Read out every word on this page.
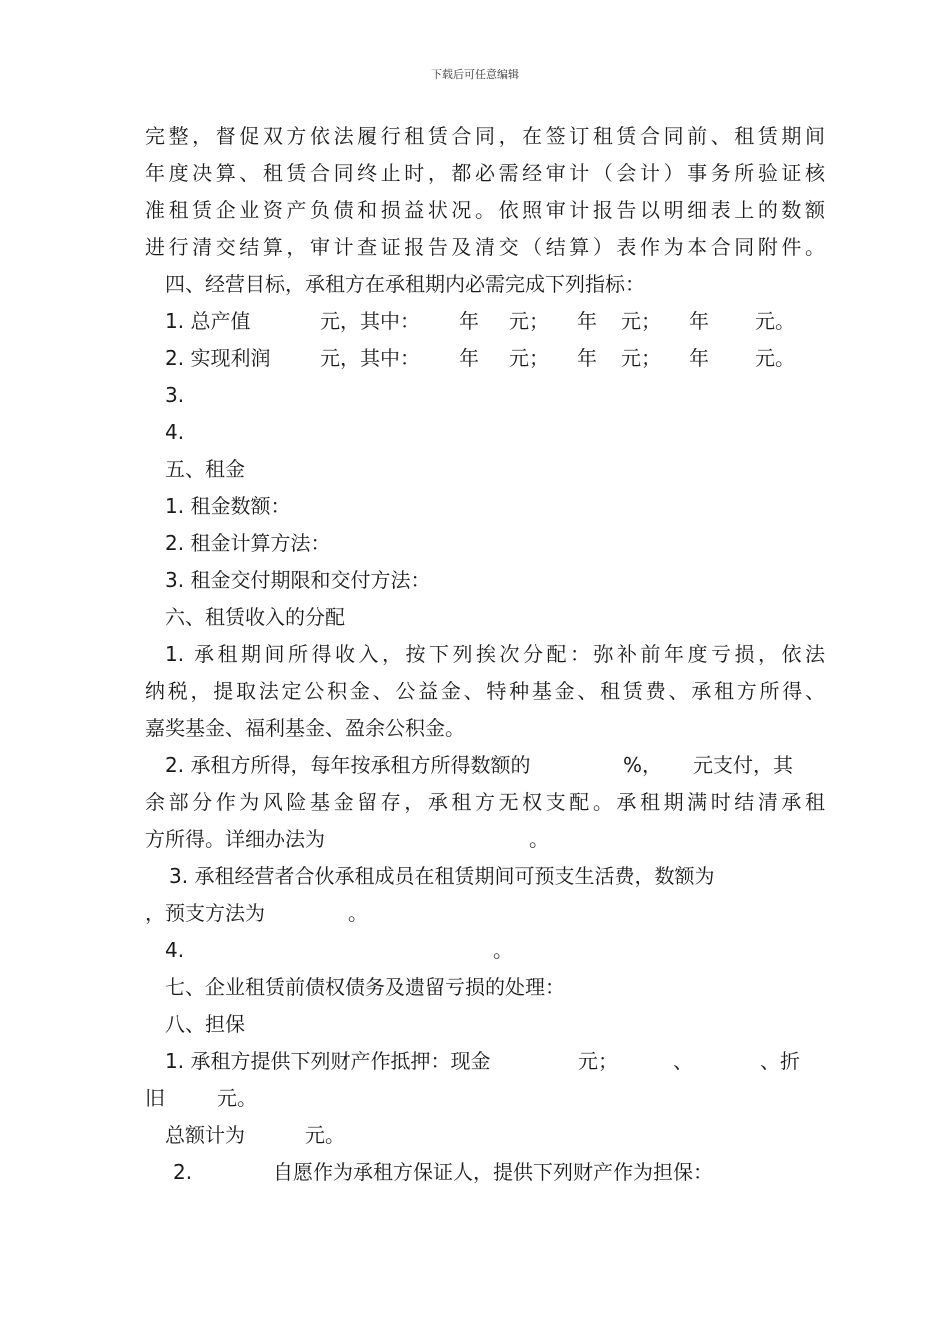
下载后可任意编辑
完整，督促双方依法履行租赁合同，在签订租赁合同前、租赁期间
年度决算、租赁合同终止时，都必需经审计（会计）事务所验证核
准租赁企业资产负债和损益状况。依照审计报告以明细表上的数额
进行清交结算，审计查证报告及清交（结算）表作为本合同附件。
四、经营目标，承租方在承租期内必需完成下列指标：
1. 总产值	元，其中： 年 元； 年 元； 年 元。
2. 实现利润 元，其中： 年 元； 年 元； 年 元。
3.
4.
五、租金
1. 租金数额：
2. 租金计算方法：
3. 租金交付期限和交付方法：
六、租赁收入的分配
1. 承租期间所得收入，按下列挨次分配：弥补前年度亏损，依法
纳税，提取法定公积金、公益金、特种基金、租赁费、承租方所得、
嘉奖基金、福利基金、盈余公积金。
2. 承租方所得，每年按承租方所得数额的	%， 元支付，其
余部分作为风险基金留存，承租方无权支配。承租期满时结清承租
方所得。详细办法为	。
3. 承租经营者合伙承租成员在租赁期间可预支生活费，数额为
，预支方法为	。
4.	。
七、企业租赁前债权债务及遗留亏损的处理：
八、担保
1. 承租方提供下列财产作抵押：现金	元；	、	、折
旧	元。
总额计为	元。
2.	自愿作为承租方保证人，提供下列财产作为担保：
